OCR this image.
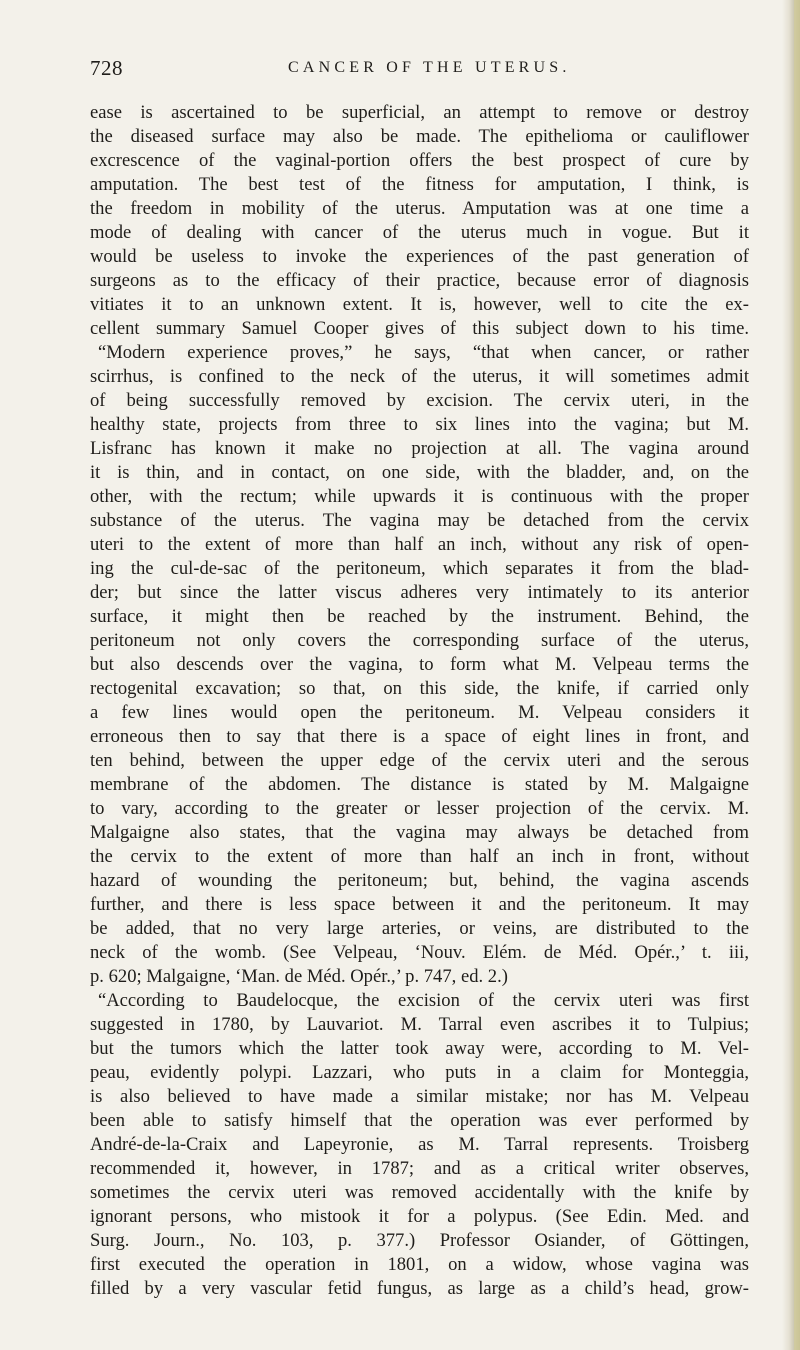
728	CANCER OF THE UTERUS.
ease is ascertained to be superficial, an attempt to remove or destroy
the diseased surface may also be made. The epithelioma or cauliflower
excrescence of the vaginal-portion offers the best prospect of cure by
amputation. The best test of the fitness for amputation, I think, is
the freedom in mobility of the uterus. Amputation was at one time a
mode of dealing with cancer of the uterus much in vogue. But it
would be useless to invoke the experiences of the past generation of
surgeons as to the efficacy of their practice, because error of diagnosis
vitiates it to an unknown extent. It is, however, well to cite the ex-
cellent summary Samuel Cooper gives of this subject down to his time.
“Modern experience proves,” he says, “that when cancer, or rather
scirrhus, is confined to the neck of the uterus, it will sometimes admit
of being successfully removed by excision. The cervix uteri, in the
healthy state, projects from three to six lines into the vagina; but M.
Lisfranc has known it make no projection at all. The vagina around
it is thin, and in contact, on one side, with the bladder, and, on the
other, with the rectum; while upwards it is continuous with the proper
substance of the uterus. The vagina may be detached from the cervix
uteri to the extent of more than half an inch, without any risk of open-
ing the cul-de-sac of the peritoneum, which separates it from the blad-
der; but since the latter viscus adheres very intimately to its anterior
surface, it might then be reached by the instrument. Behind, the
peritoneum not only covers the corresponding surface of the uterus,
but also descends over the vagina, to form what M. Velpeau terms the
rectogenital excavation; so that, on this side, the knife, if carried only
a few lines would open the peritoneum. M. Velpeau considers it
erroneous then to say that there is a space of eight lines in front, and
ten behind, between the upper edge of the cervix uteri and the serous
membrane of the abdomen. The distance is stated by M. Malgaigne
to vary, according to the greater or lesser projection of the cervix. M.
Malgaigne also states, that the vagina may always be detached from
the cervix to the extent of more than half an inch in front, without
hazard of wounding the peritoneum; but, behind, the vagina ascends
further, and there is less space between it and the peritoneum. It may
be added, that no very large arteries, or veins, are distributed to the
neck of the womb. (See Velpeau, ‘Nouv. Elém. de Méd. Opér.,’ t. iii,
p. 620; Malgaigne, ‘Man. de Méd. Opér.,’ p. 747, ed. 2.)
“According to Baudelocque, the excision of the cervix uteri was first
suggested in 1780, by Lauvariot. M. Tarral even ascribes it to Tulpius;
but the tumors which the latter took away were, according to M. Vel-
peau, evidently polypi. Lazzari, who puts in a claim for Monteggia,
is also believed to have made a similar mistake; nor has M. Velpeau
been able to satisfy himself that the operation was ever performed by
André-de-la-Craix and Lapeyronie, as M. Tarral represents. Troisberg
recommended it, however, in 1787; and as a critical writer observes,
sometimes the cervix uteri was removed accidentally with the knife by
ignorant persons, who mistook it for a polypus. (See Edin. Med. and
Surg. Journ., No. 103, p. 377.) Professor Osiander, of Göttingen,
first executed the operation in 1801, on a widow, whose vagina was
filled by a very vascular fetid fungus, as large as a child’s head, grow-
